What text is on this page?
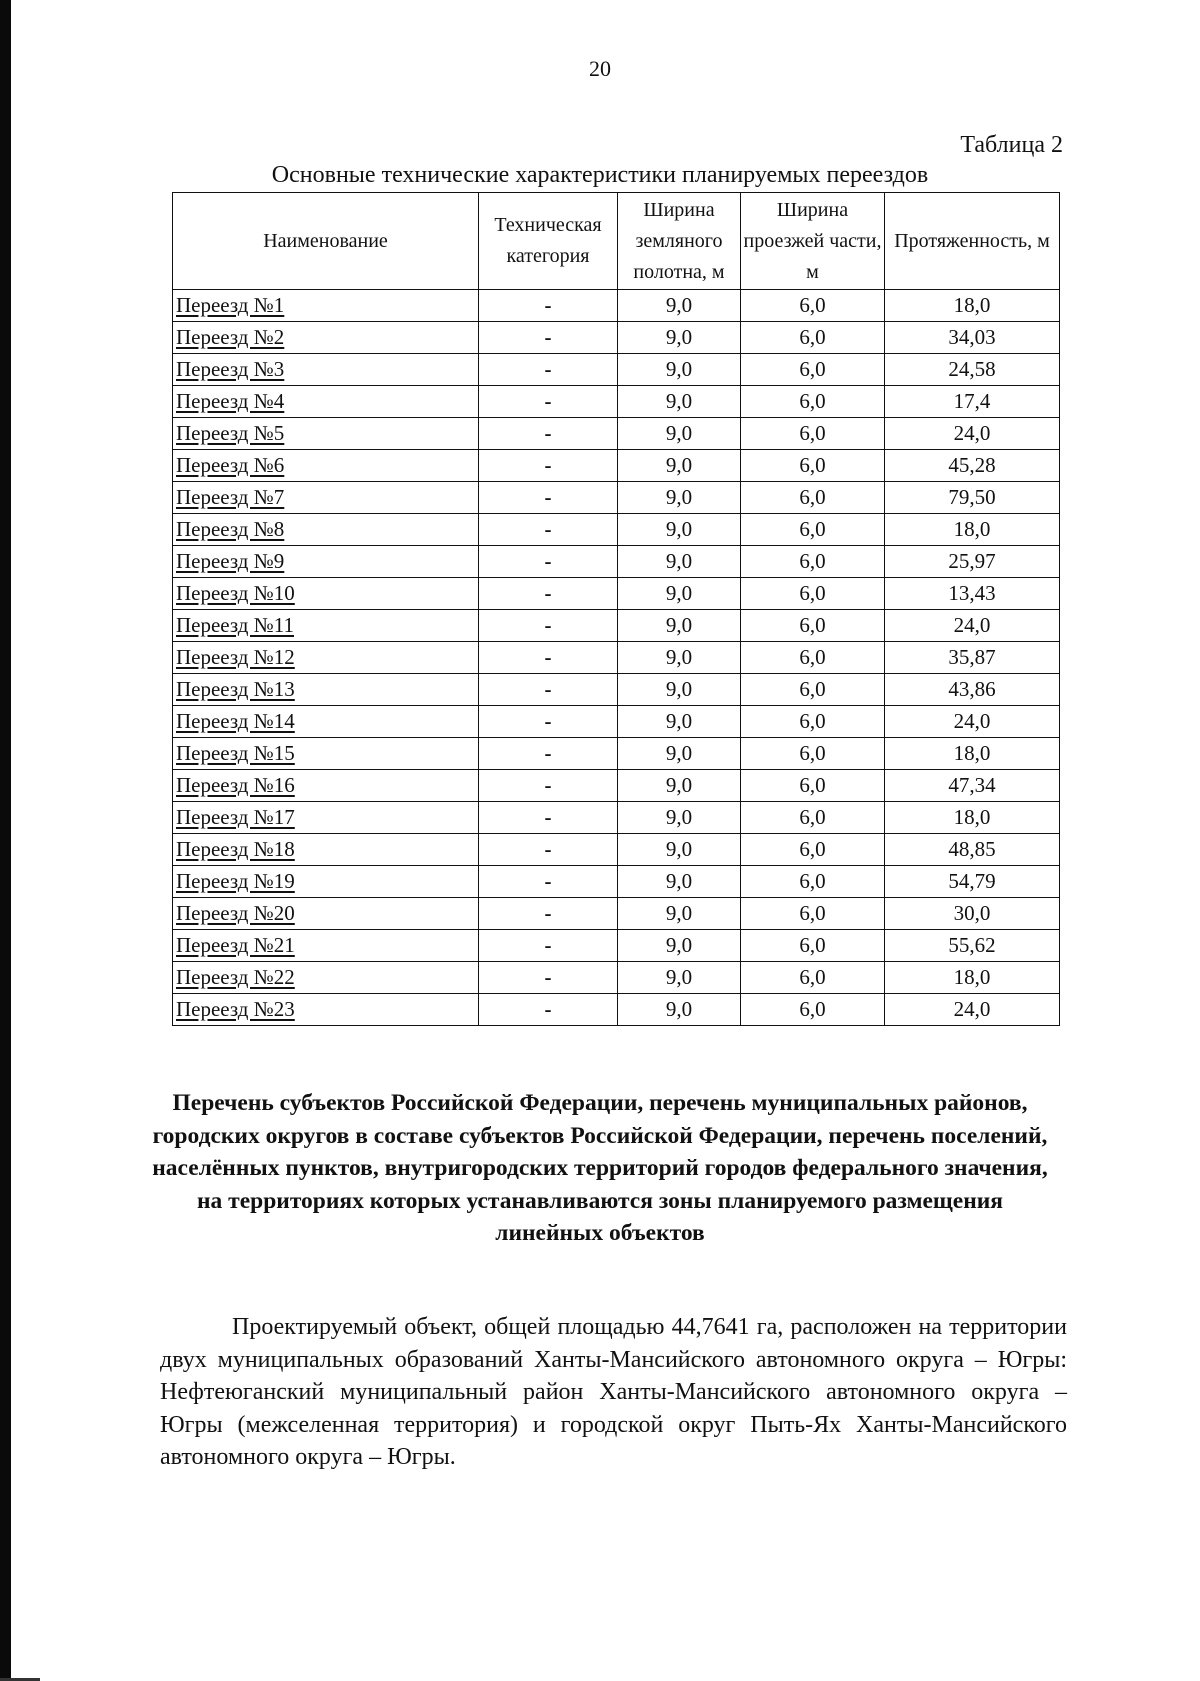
20
Таблица 2
Основные технические характеристики планируемых переездов
Наименование	Техническая категория	Ширина земляного полотна, м	Ширина проезжей части, м	Протяженность, м
Переезд №1	-	9,0	6,0	18,0
Переезд №2	-	9,0	6,0	34,03
Переезд №3	-	9,0	6,0	24,58
Переезд №4	-	9,0	6,0	17,4
Переезд №5	-	9,0	6,0	24,0
Переезд №6	-	9,0	6,0	45,28
Переезд №7	-	9,0	6,0	79,50
Переезд №8	-	9,0	6,0	18,0
Переезд №9	-	9,0	6,0	25,97
Переезд №10	-	9,0	6,0	13,43
Переезд №11	-	9,0	6,0	24,0
Переезд №12	-	9,0	6,0	35,87
Переезд №13	-	9,0	6,0	43,86
Переезд №14	-	9,0	6,0	24,0
Переезд №15	-	9,0	6,0	18,0
Переезд №16	-	9,0	6,0	47,34
Переезд №17	-	9,0	6,0	18,0
Переезд №18	-	9,0	6,0	48,85
Переезд №19	-	9,0	6,0	54,79
Переезд №20	-	9,0	6,0	30,0
Переезд №21	-	9,0	6,0	55,62
Переезд №22	-	9,0	6,0	18,0
Переезд №23	-	9,0	6,0	24,0
Перечень субъектов Российской Федерации, перечень муниципальных районов, городских округов в составе субъектов Российской Федерации, перечень поселений, населённых пунктов, внутригородских территорий городов федерального значения, на территориях которых устанавливаются зоны планируемого размещения линейных объектов
Проектируемый объект, общей площадью 44,7641 га, расположен на территории двух муниципальных образований Ханты-Мансийского автономного округа – Югры: Нефтеюганский муниципальный район Ханты-Мансийского автономного округа – Югры (межселенная территория) и городской округ Пыть-Ях Ханты-Мансийского автономного округа – Югры.
